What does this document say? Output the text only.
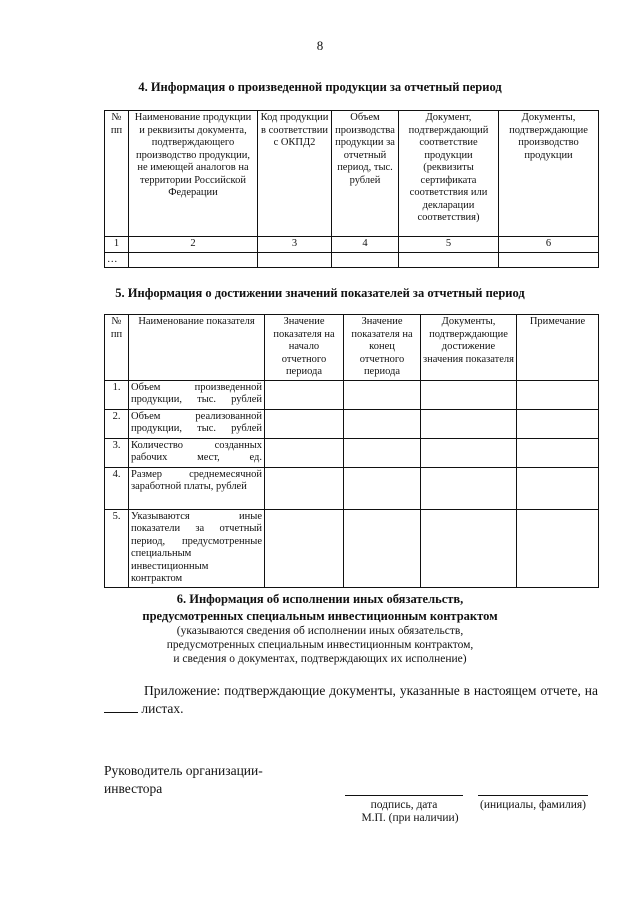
8
4. Информация о произведенной продукции за отчетный период
№ пп	Наименование продукции и реквизиты документа, подтверждающего производство продукции, не имеющей аналогов на территории Российской Федерации	Код продукции в соответствии с ОКПД2	Объем производства продукции за отчетный период, тыс. рублей	Документ, подтверждающий соответствие продукции (реквизиты сертификата соответствия или декларации соответствия)	Документы, подтверждающие производство продукции
1	2	3	4	5	6
…					
5. Информация о достижении значений показателей за отчетный период
№ пп	Наименование показателя	Значение показателя на начало отчетного периода	Значение показателя на конец отчетного периода	Документы, подтверждающие достижение значения показателя	Примечание
1.	Объем произведенной продукции, тыс. рублей				
2.	Объем реализованной продукции, тыс. рублей				
3.	Количество созданных рабочих мест, ед.				
4.	Размер среднемесячной заработной платы, рублей				
5.	Указываются иные показатели за отчетный период, предусмотренные специальным инвестиционным контрактом				
6. Информация об исполнении иных обязательств,
предусмотренных специальным инвестиционным контрактом
(указываются сведения об исполнении иных обязательств,
предусмотренных специальным инвестиционным контрактом,
и сведения о документах, подтверждающих их исполнение)
Приложение: подтверждающие документы, указанные в настоящем отчете, на  листах.
Руководитель организации-
инвестора
подпись, дата	(инициалы, фамилия)
М.П. (при наличии)
